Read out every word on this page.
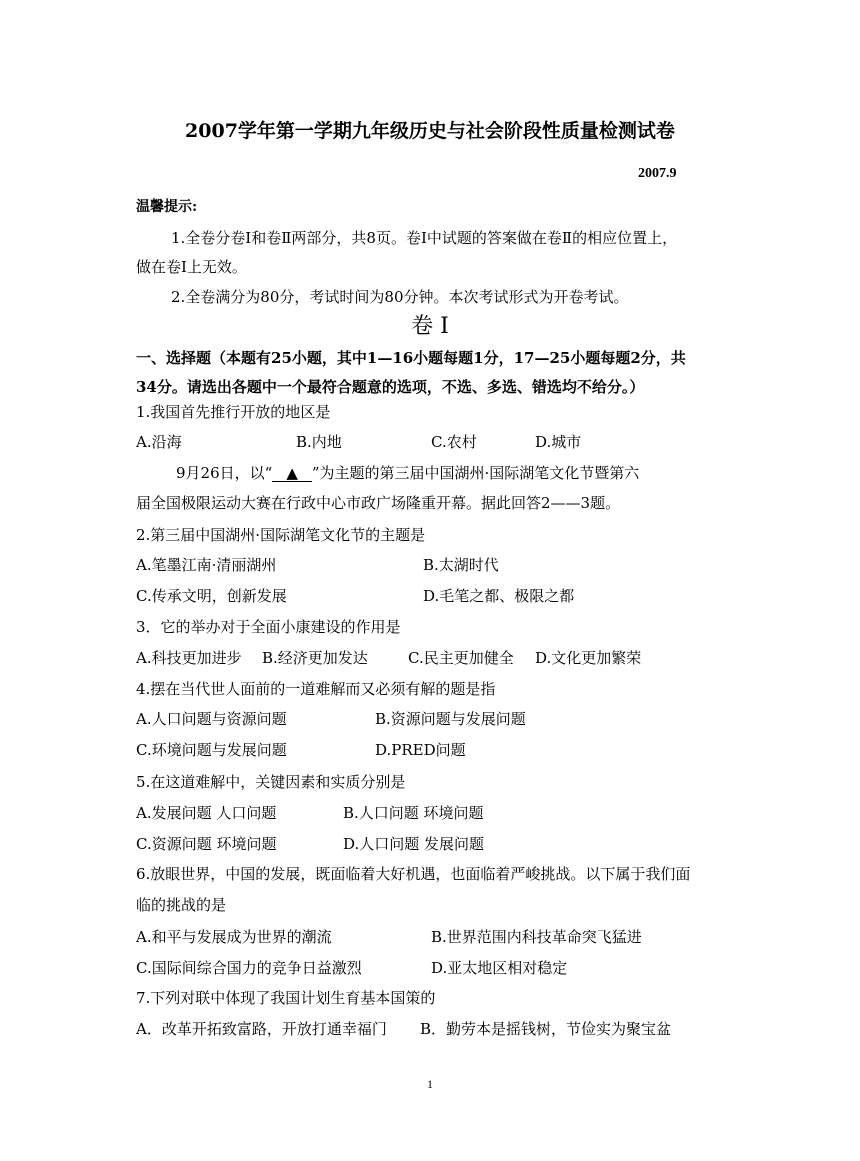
2007学年第一学期九年级历史与社会阶段性质量检测试卷
2007.9
温馨提示:
1.全卷分卷Ⅰ和卷Ⅱ两部分，共8页。卷Ⅰ中试题的答案做在卷Ⅱ的相应位置上，
做在卷Ⅰ上无效。
2.全卷满分为80分，考试时间为80分钟。本次考试形式为开卷考试。
卷 Ⅰ
一、选择题（本题有25小题，其中1—16小题每题1分，17—25小题每题2分，共
34分。请选出各题中一个最符合题意的选项，不选、多选、错选均不给分。）
1.我国首先推行开放的地区是
A.沿海	B.内地	C.农村	D.城市
9月26日，以“ ▲ ”为主题的第三届中国湖州·国际湖笔文化节暨第六
届全国极限运动大赛在行政中心市政广场隆重开幕。据此回答2——3题。
2.第三届中国湖州·国际湖笔文化节的主题是
A.笔墨江南·清丽湖州	B.太湖时代
C.传承文明，创新发展	D.毛笔之都、极限之都
3．它的举办对于全面小康建设的作用是
A.科技更加进步 B.经济更加发达	C.民主更加健全 D.文化更加繁荣
4.摆在当代世人面前的一道难解而又必须有解的题是指
A.人口问题与资源问题	B.资源问题与发展问题
C.环境问题与发展问题	D.PRED问题
5.在这道难解中，关键因素和实质分别是
A.发展问题 人口问题	B.人口问题 环境问题
C.资源问题 环境问题	D.人口问题 发展问题
6.放眼世界，中国的发展，既面临着大好机遇，也面临着严峻挑战。以下属于我们面
临的挑战的是
A.和平与发展成为世界的潮流	B.世界范围内科技革命突飞猛进
C.国际间综合国力的竞争日益激烈	D.亚太地区相对稳定
7.下列对联中体现了我国计划生育基本国策的
A．改革开拓致富路，开放打通幸福门 B．勤劳本是摇钱树，节俭实为聚宝盆
1
